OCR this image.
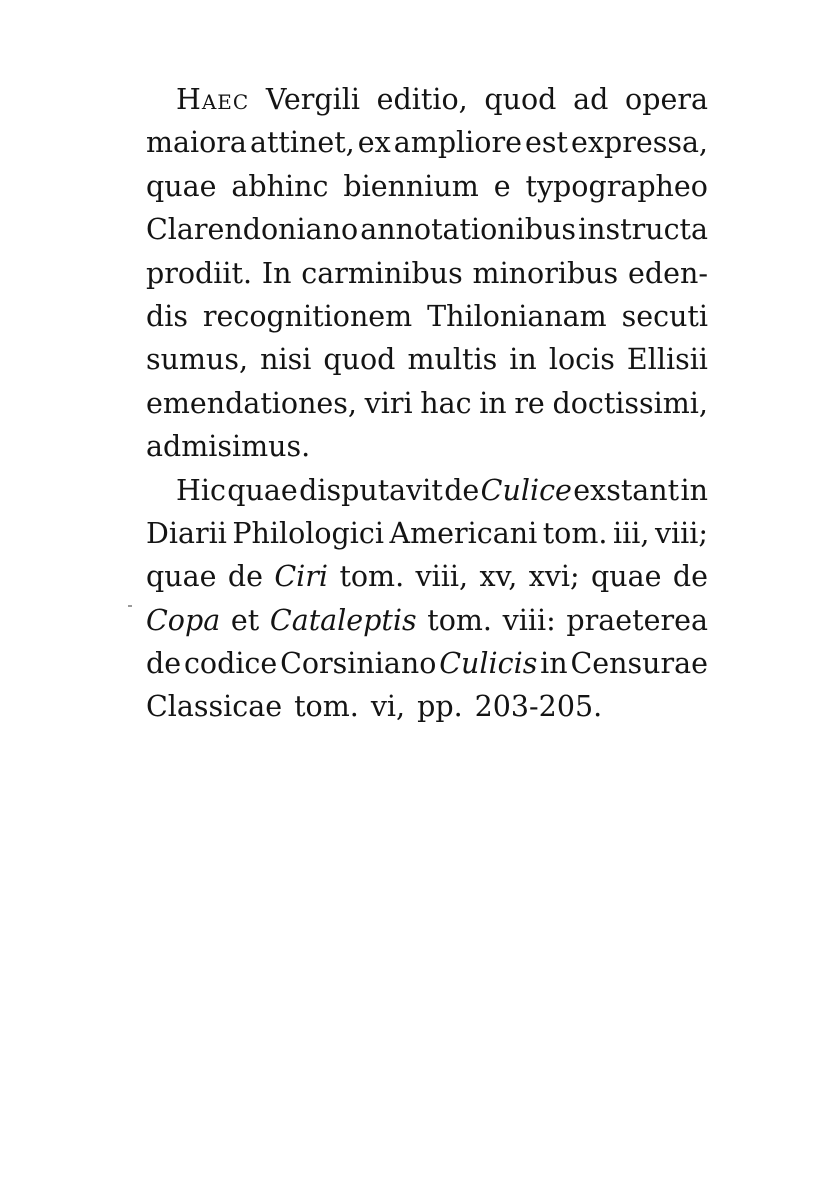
Haec Vergili editio, quod ad opera
maiora attinet, ex ampliore est expressa,
quae abhinc biennium e typographeo
Clarendoniano annotationibus instructa
prodiit. In carminibus minoribus eden-
dis recognitionem Thilonianam secuti
sumus, nisi quod multis in locis Ellisii
emendationes, viri hac in re doctissimi,
admisimus.
Hic quae disputavit de Culice exstant in
Diarii Philologici Americani tom. iii, viii;
quae de Ciri tom. viii, xv, xvi; quae de
Copa et Cataleptis tom. viii: praeterea
de codice Corsiniano Culicis in Censurae
Classicae tom. vi, pp. 203-205.
